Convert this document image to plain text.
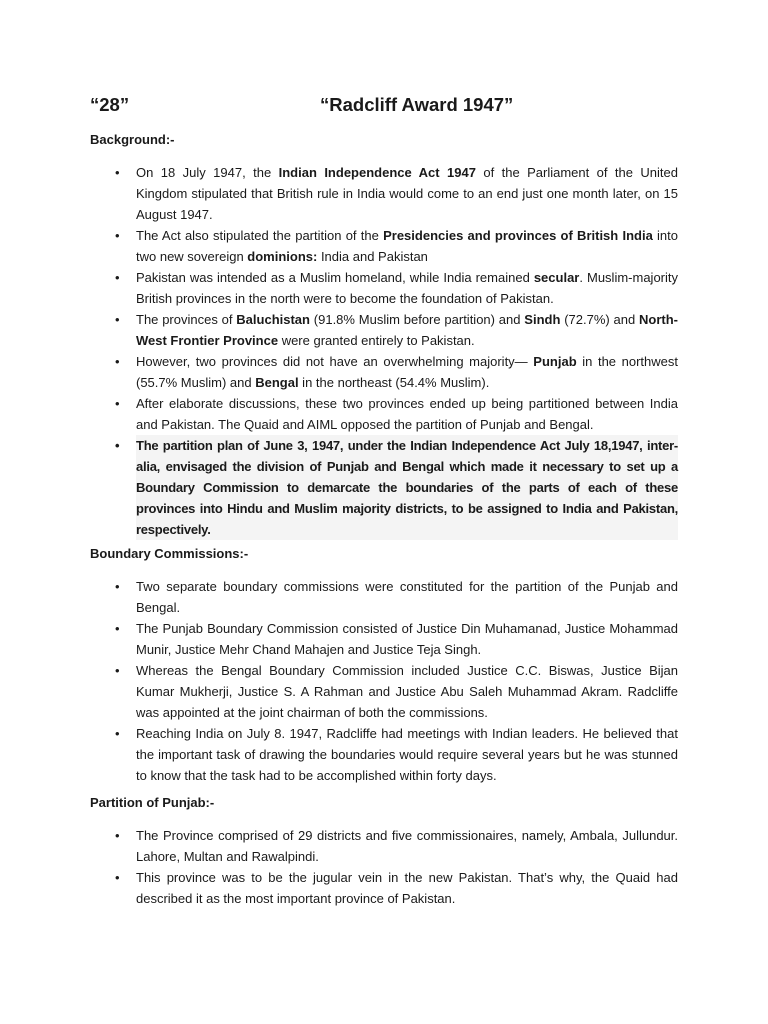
“28”	“Radcliff Award 1947”
Background:-
• On 18 July 1947, the Indian Independence Act 1947 of the Parliament of the United Kingdom stipulated that British rule in India would come to an end just one month later, on 15 August 1947.
• The Act also stipulated the partition of the Presidencies and provinces of British India into two new sovereign dominions: India and Pakistan
• Pakistan was intended as a Muslim homeland, while India remained secular. Muslim-majority British provinces in the north were to become the foundation of Pakistan.
• The provinces of Baluchistan (91.8% Muslim before partition) and Sindh (72.7%) and North-West Frontier Province were granted entirely to Pakistan.
• However, two provinces did not have an overwhelming majority— Punjab in the northwest (55.7% Muslim) and Bengal in the northeast (54.4% Muslim).
• After elaborate discussions, these two provinces ended up being partitioned between India and Pakistan. The Quaid and AIML opposed the partition of Punjab and Bengal.
• The partition plan of June 3, 1947, under the Indian Independence Act July 18,1947, inter-alia, envisaged the division of Punjab and Bengal which made it necessary to set up a Boundary Commission to demarcate the boundaries of the parts of each of these provinces into Hindu and Muslim majority districts, to be assigned to India and Pakistan, respectively.
Boundary Commissions:-
• Two separate boundary commissions were constituted for the partition of the Punjab and Bengal.
• The Punjab Boundary Commission consisted of Justice Din Muhamanad, Justice Mohammad Munir, Justice Mehr Chand Mahajen and Justice Teja Singh.
• Whereas the Bengal Boundary Commission included Justice C.C. Biswas, Justice Bijan Kumar Mukherji, Justice S. A Rahman and Justice Abu Saleh Muhammad Akram. Radcliffe was appointed at the joint chairman of both the commissions.
• Reaching India on July 8. 1947, Radcliffe had meetings with Indian leaders. He believed that the important task of drawing the boundaries would require several years but he was stunned to know that the task had to be accomplished within forty days.
Partition of Punjab:-
• The Province comprised of 29 districts and five commissionaires, namely, Ambala, Jullundur. Lahore, Multan and Rawalpindi.
• This province was to be the jugular vein in the new Pakistan. That’s why, the Quaid had described it as the most important province of Pakistan.
